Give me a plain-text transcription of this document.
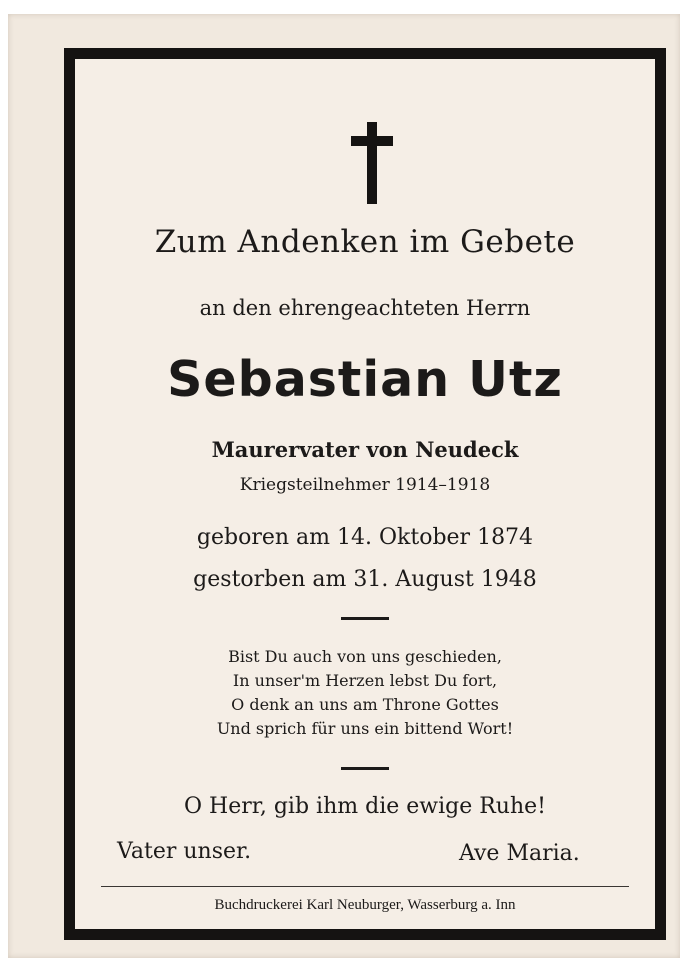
Zum Andenken im Gebete
an den ehrengeachteten Herrn
Sebastian Utz
Maurervater von Neudeck
Kriegsteilnehmer 1914–1918
geboren am 14. Oktober 1874
gestorben am 31. August 1948
Bist Du auch von uns geschieden,
In unser'm Herzen lebst Du fort,
O denk an uns am Throne Gottes
Und sprich für uns ein bittend Wort!
O Herr, gib ihm die ewige Ruhe!
Vater unser.	Ave Maria.
Buchdruckerei Karl Neuburger, Wasserburg a. Inn
